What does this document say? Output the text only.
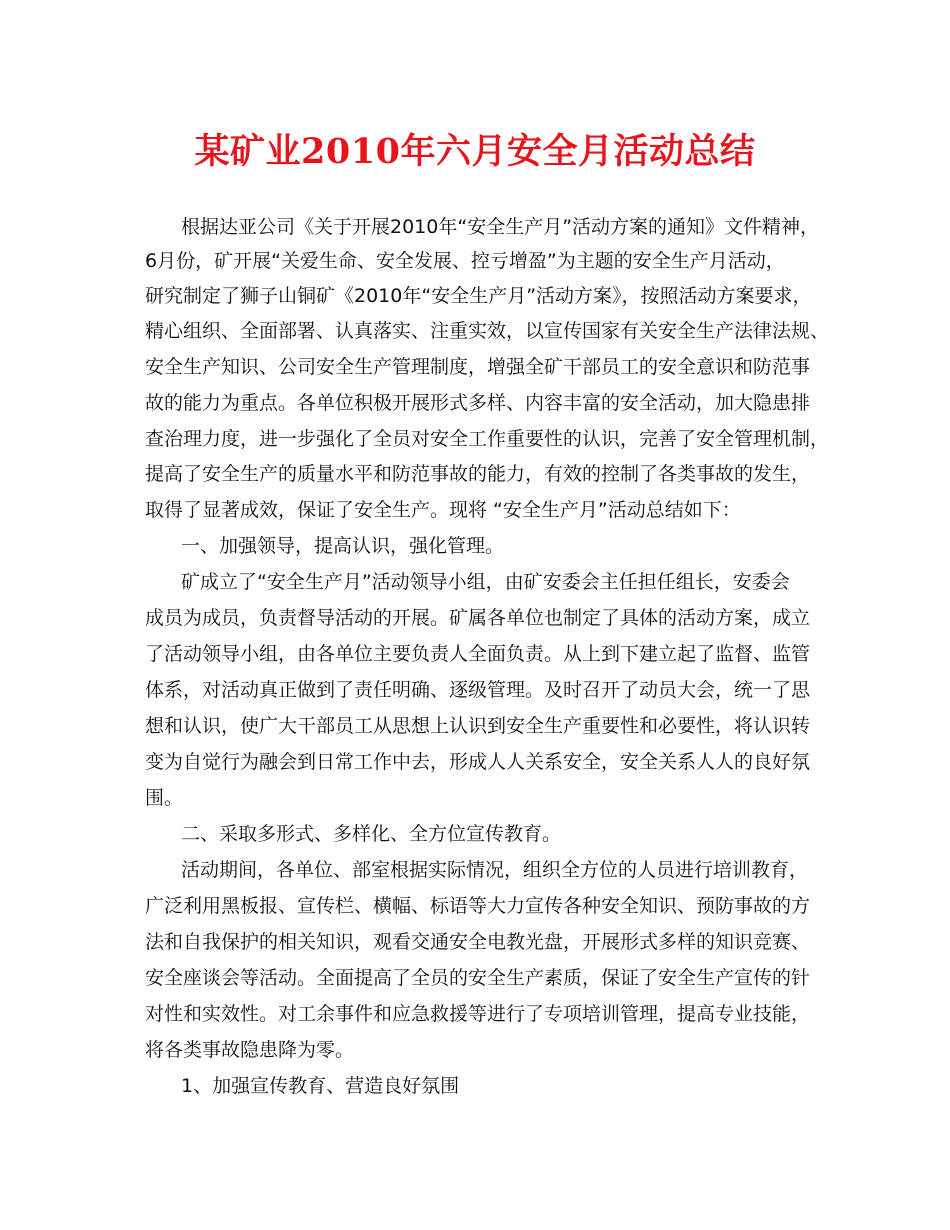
某矿业2010年六月安全月活动总结
根据达亚公司《关于开展2010年“安全生产月”活动方案的通知》文件精神，
6月份，矿开展“关爱生命、安全发展、控亏增盈”为主题的安全生产月活动，
研究制定了狮子山铜矿《2010年“安全生产月”活动方案》，按照活动方案要求，
精心组织、全面部署、认真落实、注重实效，以宣传国家有关安全生产法律法规、
安全生产知识、公司安全生产管理制度，增强全矿干部员工的安全意识和防范事
故的能力为重点。各单位积极开展形式多样、内容丰富的安全活动，加大隐患排
查治理力度，进一步强化了全员对安全工作重要性的认识，完善了安全管理机制，
提高了安全生产的质量水平和防范事故的能力，有效的控制了各类事故的发生，
取得了显著成效，保证了安全生产。现将 “安全生产月”活动总结如下：
一、加强领导，提高认识，强化管理。
矿成立了“安全生产月”活动领导小组，由矿安委会主任担任组长，安委会
成员为成员，负责督导活动的开展。矿属各单位也制定了具体的活动方案，成立
了活动领导小组，由各单位主要负责人全面负责。从上到下建立起了监督、监管
体系，对活动真正做到了责任明确、逐级管理。及时召开了动员大会，统一了思
想和认识，使广大干部员工从思想上认识到安全生产重要性和必要性，将认识转
变为自觉行为融会到日常工作中去，形成人人关系安全，安全关系人人的良好氛
围。
二、采取多形式、多样化、全方位宣传教育。
活动期间，各单位、部室根据实际情况，组织全方位的人员进行培训教育，
广泛利用黑板报、宣传栏、横幅、标语等大力宣传各种安全知识、预防事故的方
法和自我保护的相关知识，观看交通安全电教光盘，开展形式多样的知识竞赛、
安全座谈会等活动。全面提高了全员的安全生产素质，保证了安全生产宣传的针
对性和实效性。对工余事件和应急救援等进行了专项培训管理，提高专业技能，
将各类事故隐患降为零。
1、加强宣传教育、营造良好氛围
